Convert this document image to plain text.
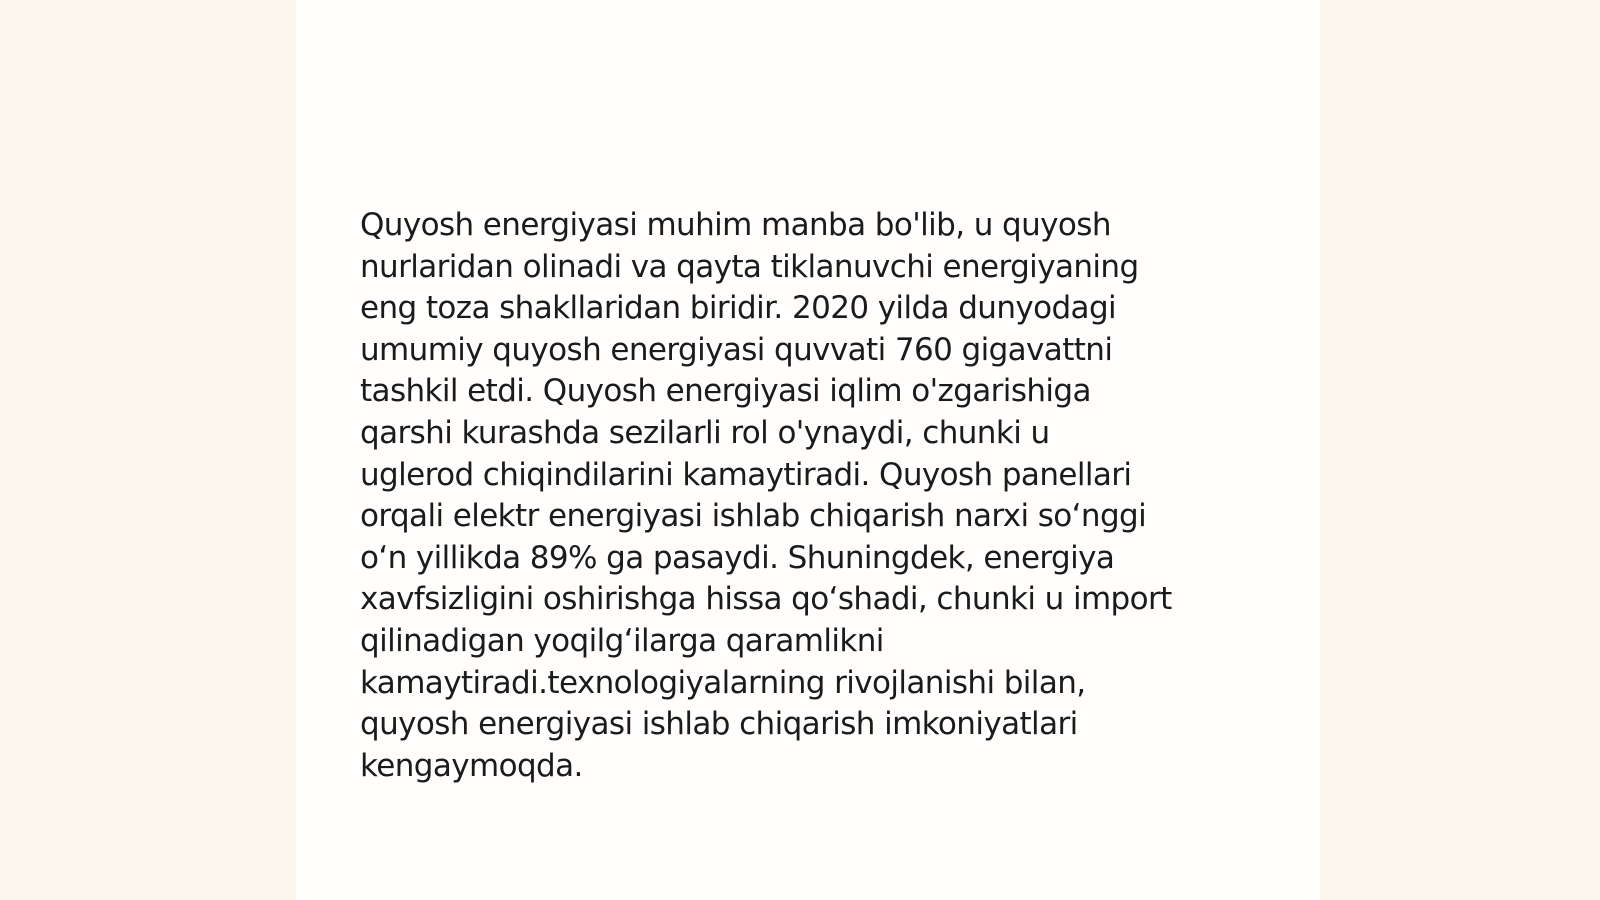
Quyosh energiyasi muhim manba bo'lib, u quyosh
nurlaridan olinadi va qayta tiklanuvchi energiyaning
eng toza shakllaridan biridir. 2020 yilda dunyodagi
umumiy quyosh energiyasi quvvati 760 gigavattni
tashkil etdi. Quyosh energiyasi iqlim o'zgarishiga
qarshi kurashda sezilarli rol o'ynaydi, chunki u
uglerod chiqindilarini kamaytiradi. Quyosh panellari
orqali elektr energiyasi ishlab chiqarish narxi so‘nggi
o‘n yillikda 89% ga pasaydi. Shuningdek, energiya
xavfsizligini oshirishga hissa qo‘shadi, chunki u import
qilinadigan yoqilg‘ilarga qaramlikni
kamaytiradi.texnologiyalarning rivojlanishi bilan,
quyosh energiyasi ishlab chiqarish imkoniyatlari
kengaymoqda.
